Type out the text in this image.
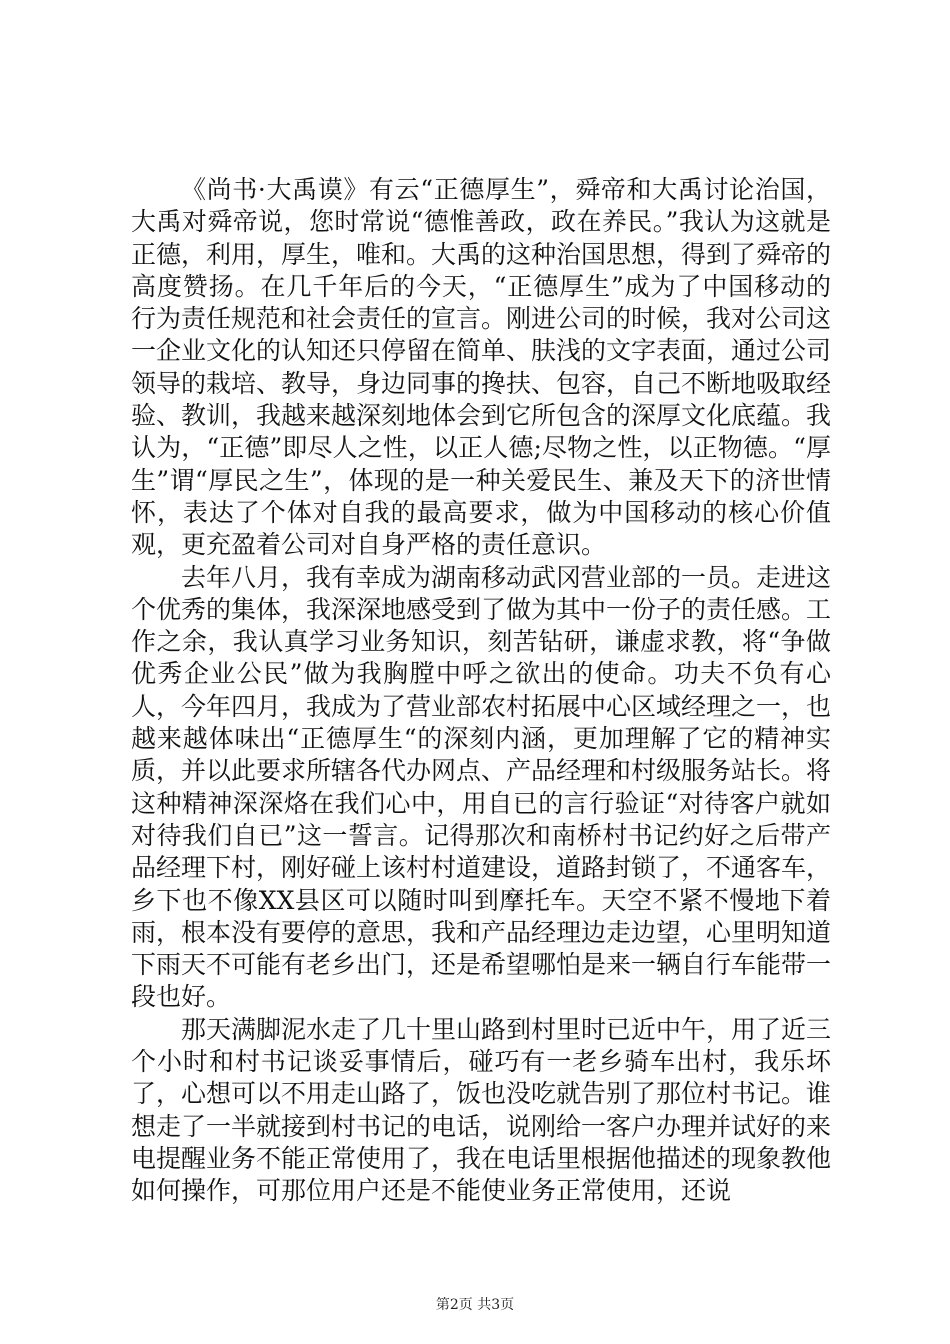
《尚书·大禹谟》有云“正德厚生”，舜帝和大禹讨论治国，大禹对舜帝说，您时常说“德惟善政，政在养民。”我认为这就是正德，利用，厚生，唯和。大禹的这种治国思想，得到了舜帝的高度赞扬。在几千年后的今天，“正德厚生”成为了中国移动的行为责任规范和社会责任的宣言。刚进公司的时候，我对公司这一企业文化的认知还只停留在简单、肤浅的文字表面，通过公司领导的栽培、教导，身边同事的搀扶、包容，自己不断地吸取经验、教训，我越来越深刻地体会到它所包含的深厚文化底蕴。我认为，“正德”即尽人之性，以正人德;尽物之性，以正物德。“厚生”谓“厚民之生”，体现的是一种关爱民生、兼及天下的济世情怀，表达了个体对自我的最高要求，做为中国移动的核心价值观，更充盈着公司对自身严格的责任意识。

去年八月，我有幸成为湖南移动武冈营业部的一员。走进这个优秀的集体，我深深地感受到了做为其中一份子的责任感。工作之余，我认真学习业务知识，刻苦钻研，谦虚求教，将“争做优秀企业公民”做为我胸膛中呼之欲出的使命。功夫不负有心人，今年四月，我成为了营业部农村拓展中心区域经理之一，也越来越体味出“正德厚生“的深刻内涵，更加理解了它的精神实质，并以此要求所辖各代办网点、产品经理和村级服务站长。将这种精神深深烙在我们心中，用自已的言行验证“对待客户就如对待我们自已”这一誓言。记得那次和南桥村书记约好之后带产品经理下村，刚好碰上该村村道建设，道路封锁了，不通客车，乡下也不像XX县区可以随时叫到摩托车。天空不紧不慢地下着雨，根本没有要停的意思，我和产品经理边走边望，心里明知道下雨天不可能有老乡出门，还是希望哪怕是来一辆自行车能带一段也好。

那天满脚泥水走了几十里山路到村里时已近中午，用了近三个小时和村书记谈妥事情后，碰巧有一老乡骑车出村，我乐坏了，心想可以不用走山路了，饭也没吃就告别了那位村书记。谁想走了一半就接到村书记的电话，说刚给一客户办理并试好的来电提醒业务不能正常使用了，我在电话里根据他描述的现象教他如何操作，可那位用户还是不能使业务正常使用，还说

第2页 共3页
